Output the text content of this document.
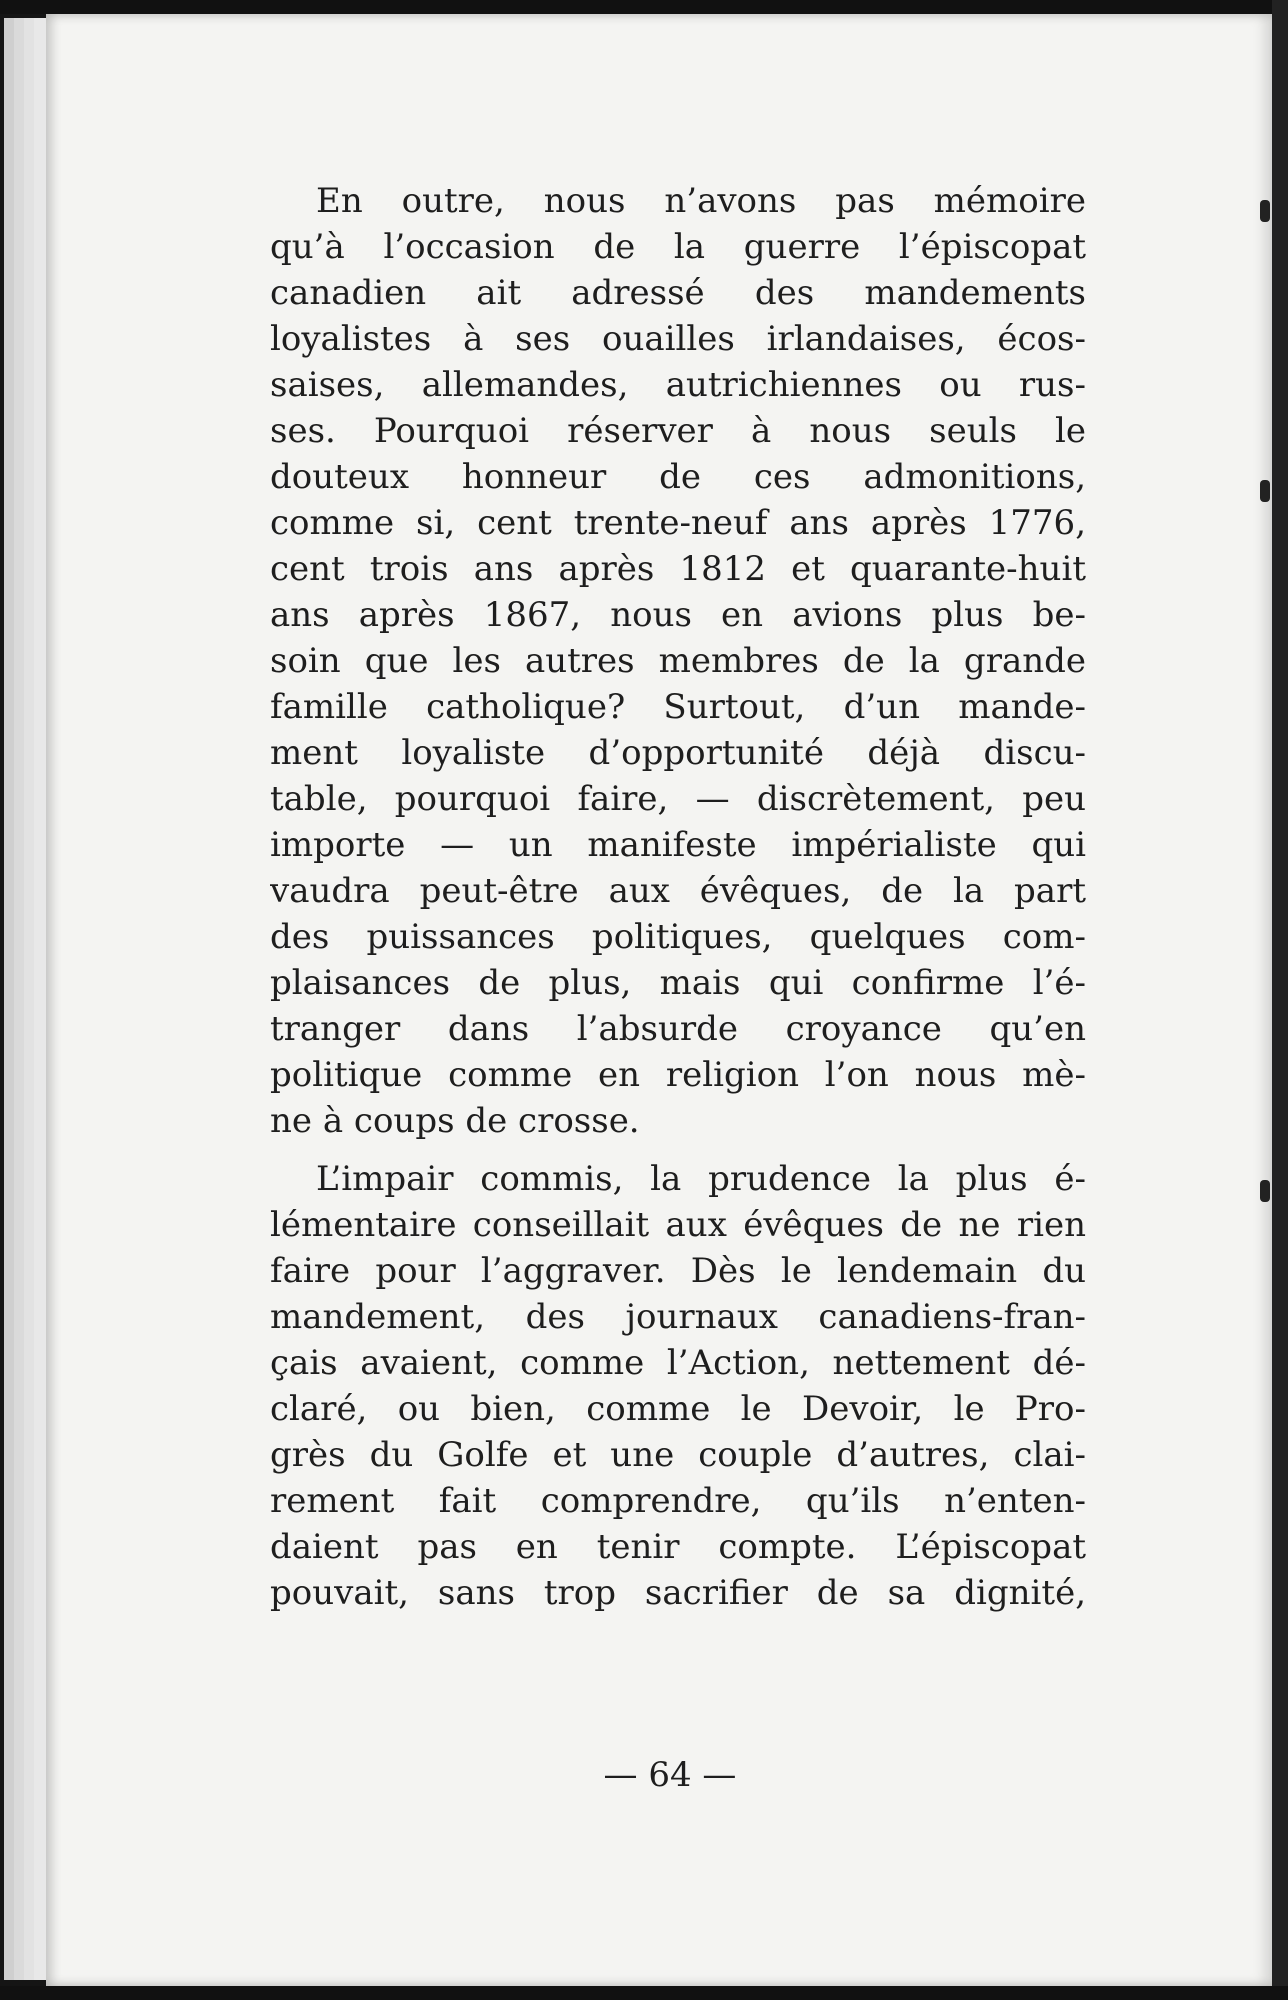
En outre, nous n’avons pas mémoire
qu’à l’occasion de la guerre l’épiscopat
canadien ait adressé des mandements
loyalistes à ses ouailles irlandaises, écos-
saises, allemandes, autrichiennes ou rus-
ses. Pourquoi réserver à nous seuls le
douteux honneur de ces admonitions,
comme si, cent trente-neuf ans après 1776,
cent trois ans après 1812 et quarante-huit
ans après 1867, nous en avions plus be-
soin que les autres membres de la grande
famille catholique? Surtout, d’un mande-
ment loyaliste d’opportunité déjà discu-
table, pourquoi faire, — discrètement, peu
importe — un manifeste impérialiste qui
vaudra peut-être aux évêques, de la part
des puissances politiques, quelques com-
plaisances de plus, mais qui confirme l’é-
tranger dans l’absurde croyance qu’en
politique comme en religion l’on nous mè-
ne à coups de crosse.

L’impair commis, la prudence la plus é-
lémentaire conseillait aux évêques de ne rien
faire pour l’aggraver. Dès le lendemain du
mandement, des journaux canadiens-fran-
çais avaient, comme l’Action, nettement dé-
claré, ou bien, comme le Devoir, le Pro-
grès du Golfe et une couple d’autres, clai-
rement fait comprendre, qu’ils n’enten-
daient pas en tenir compte. L’épiscopat
pouvait, sans trop sacrifier de sa dignité,

— 64 —
